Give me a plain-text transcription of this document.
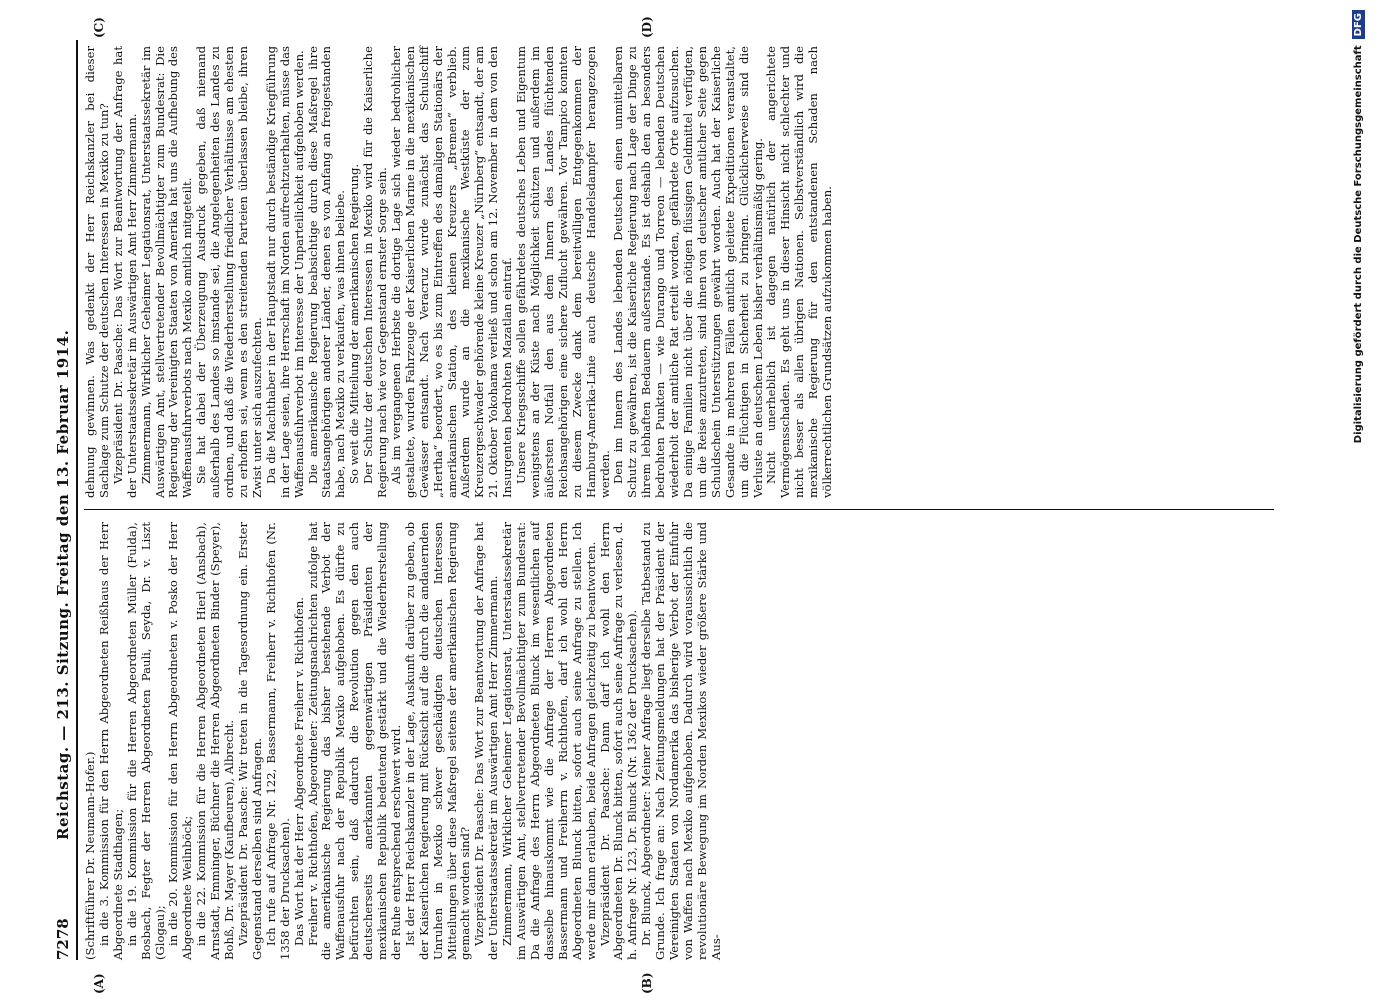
7278
Reichstag. — 213. Sitzung. Freitag den 13. Februar 1914.
(A)	(B)
(C)	(D)

(Schriftführer Dr. Neumann-Hofer.) in die 3. Kommission für den Herrn Abgeordneten Reißhaus der Herr Abgeordnete Stadthagen; in die 19. Kommission für die Herren Abgeordneten Müller (Fulda), Bosbach, Fegter der Herren Abgeordneten Pauli, Seyda, Dr. v. Liszt (Glogau); in die 20. Kommission für den Herrn Abgeordneten v. Posko der Herr Abgeordnete Weilnböck; in die 22. Kommission für die Herren Abgeordneten Hierl (Ansbach), Arnstadt, Emminger, Büchner die Herren Abgeordneten Binder (Speyer), Bohß, Dr. Mayer (Kaufbeuren), Albrecht. Vizepräsident Dr. Paasche: Wir treten in die Tagesordnung ein. Erster Gegenstand derselben sind Anfragen. Ich rufe auf Anfrage Nr. 122, Bassermann, Freiherr v. Richthofen (Nr. 1358 der Drucksachen). Das Wort hat der Herr Abgeordnete Freiherr v. Richthofen. Freiherr v. Richthofen, Abgeordneter: Zeitungsnachrichten zufolge hat die amerikanische Regierung das bisher bestehende Verbot der Waffenausfuhr nach der Republik Mexiko aufgehoben. Es dürfte zu befürchten sein, daß dadurch die Revolution gegen den auch deutscherseits anerkannten gegenwärtigen Präsidenten der mexikanischen Republik bedeutend gestärkt und die Wiederherstellung der Ruhe entsprechend erschwert wird. Ist der Herr Reichskanzler in der Lage, Auskunft darüber zu geben, ob der Kaiserlichen Regierung mit Rücksicht auf die durch die andauernden Unruhen in Mexiko schwer geschädigten deutschen Interessen Mitteilungen über diese Maßregel seitens der amerikanischen Regierung gemacht worden sind? Vizepräsident Dr. Paasche: Das Wort zur Beantwortung der Anfrage hat der Unterstaatssekretär im Auswärtigen Amt Herr Zimmermann. Zimmermann, Wirklicher Geheimer Legationsrat, Unterstaatssekretär im Auswärtigen Amt, stellvertretender Bevollmächtigter zum Bundesrat: Da die Anfrage des Herrn Abgeordneten Blunck im wesentlichen auf dasselbe hinauskommt wie die Anfrage der Herren Abgeordneten Bassermann und Freiherrn v. Richthofen, darf ich wohl den Herrn Abgeordneten Blunck bitten, sofort auch seine Anfrage zu stellen. Ich werde mir dann erlauben, beide Anfragen gleichzeitig zu beantworten. Vizepräsident Dr. Paasche: Dann darf ich wohl den Herrn Abgeordneten Dr. Blunck bitten, sofort auch seine Anfrage zu verlesen, d. h. Anfrage Nr. 123, Dr. Blunck (Nr. 1362 der Drucksachen). Dr. Blunck, Abgeordneter: Meiner Anfrage liegt derselbe Tatbestand zu Grunde. Ich frage an: Nach Zeitungsmeldungen hat der Präsident der Vereinigten Staaten von Nordamerika das bisherige Verbot der Einfuhr von Waffen nach Mexiko aufgehoben. Dadurch wird voraussichtlich die revolutionäre Bewegung im Norden Mexikos wieder größere Stärke und Aus-

dehnung gewinnen. Was gedenkt der Herr Reichskanzler bei dieser Sachlage zum Schutze der deutschen Interessen in Mexiko zu tun? Vizepräsident Dr. Paasche: Das Wort zur Beantwortung der Anfrage hat der Unterstaatssekretär im Auswärtigen Amt Herr Zimmermann. Zimmermann, Wirklicher Geheimer Legationsrat, Unterstaatssekretär im Auswärtigen Amt, stellvertretender Bevollmächtigter zum Bundesrat: Die Regierung der Vereinigten Staaten von Amerika hat uns die Aufhebung des Waffenausfuhrverbots nach Mexiko amtlich mitgeteilt. Sie hat dabei der Überzeugung Ausdruck gegeben, daß niemand außerhalb des Landes so imstande sei, die Angelegenheiten des Landes zu ordnen, und daß die Wiederherstellung friedlicher Verhältnisse am ehesten zu erhoffen sei, wenn es den streitenden Parteien überlassen bleibe, ihren Zwist unter sich auszufechten. Da die Machthaber in der Hauptstadt nur durch beständige Kriegführung in der Lage seien, ihre Herrschaft im Norden aufrechtzuerhalten, müsse das Waffenausfuhrverbot im Interesse der Unparteilichkeit aufgehoben werden. Die amerikanische Regierung beabsichtige durch diese Maßregel ihre Staatsangehörigen anderer Länder, denen es von Anfang an freigestanden habe, nach Mexiko zu verkaufen, was ihnen beliebe. So weit die Mitteilung der amerikanischen Regierung. Der Schutz der deutschen Interessen in Mexiko wird für die Kaiserliche Regierung nach wie vor Gegenstand ernster Sorge sein. Als im vergangenen Herbste die dortige Lage sich wieder bedrohlicher gestaltete, wurden Fahrzeuge der Kaiserlichen Marine in die mexikanischen Gewässer entsandt. Nach Veracruz wurde zunächst das Schulschiff „Hertha“ beordert, wo es bis zum Eintreffen des damaligen Stationärs der amerikanischen Station, des kleinen Kreuzers „Bremen“ verblieb. Außerdem wurde an die mexikanische Westküste der zum Kreuzergeschwader gehörende kleine Kreuzer „Nürnberg“ entsandt, der am 21. Oktober Yokohama verließ und schon am 12. November in dem von den Insurgenten bedrohten Mazatlan eintraf. Unsere Kriegsschiffe sollen gefährdetes deutsches Leben und Eigentum wenigstens an der Küste nach Möglichkeit schützen und außerdem im äußersten Notfall den aus dem Innern des Landes flüchtenden Reichsangehörigen eine sichere Zuflucht gewähren. Vor Tampico konnten zu diesem Zwecke dank dem bereitwilligen Entgegenkommen der Hamburg-Amerika-Linie auch deutsche Handelsdampfer herangezogen werden. Den im Innern des Landes lebenden Deutschen einen unmittelbaren Schutz zu gewähren, ist die Kaiserliche Regierung nach Lage der Dinge zu ihrem lebhaften Bedauern außerstande. Es ist deshalb den an besonders bedrohten Punkten — wie Durango und Torreon — lebenden Deutschen wiederholt der amtliche Rat erteilt worden, gefährdete Orte aufzusuchen. Da einige Familien nicht über die nötigen flüssigen Geldmittel verfügten, um die Reise anzutreten, sind ihnen von deutscher amtlicher Seite gegen Schuldschein Unterstützungen gewährt worden. Auch hat der Kaiserliche Gesandte in mehreren Fällen amtlich geleitete Expeditionen veranstaltet, um die Flüchtigen in Sicherheit zu bringen. Glücklicherweise sind die Verluste an deutschem Leben bisher verhältnismäßig gering. Nicht unerheblich ist dagegen natürlich der angerichtete Vermögensschaden. Es geht uns in dieser Hinsicht nicht schlechter und nicht besser als allen übrigen Nationen. Selbstverständlich wird die mexikanische Regierung für den entstandenen Schaden nach völkerrechtlichen Grundsätzen aufzukommen haben.	Digitalisierung gefördert durch die Deutsche Forschungsgemeinschaft
DFG
